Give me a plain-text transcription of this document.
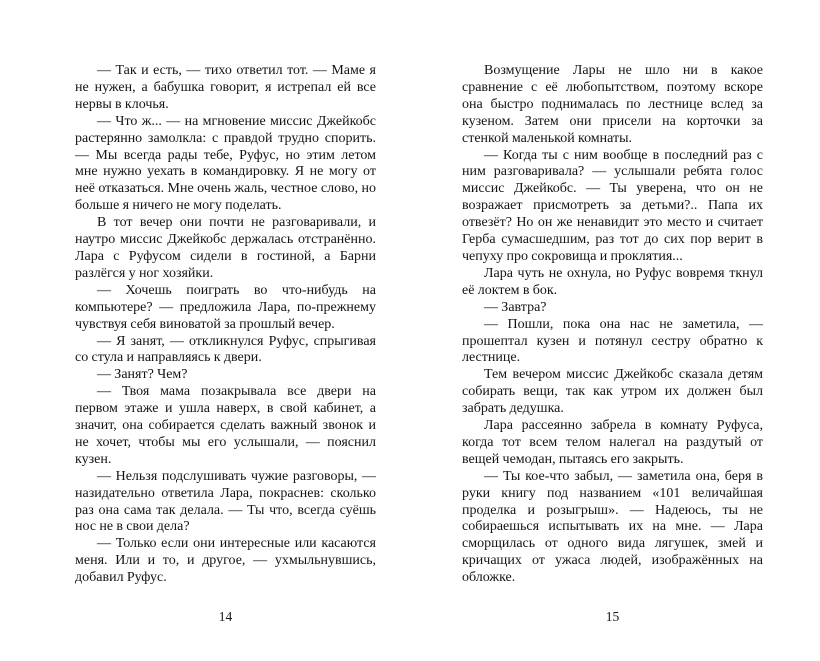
— Так и есть, — тихо ответил тот. — Маме я не нужен, а бабушка говорит, я истрепал ей все нервы в клочья.

— Что ж... — на мгновение миссис Джейкобс растерянно замолкла: с правдой трудно спорить. — Мы всегда рады тебе, Руфус, но этим летом мне нужно уехать в командировку. Я не могу от неё отказаться. Мне очень жаль, честное слово, но больше я ничего не могу поделать.

В тот вечер они почти не разговаривали, и наутро миссис Джейкобс держалась отстранённо. Лара с Руфусом сидели в гостиной, а Барни разлёгся у ног хозяйки.

— Хочешь поиграть во что-нибудь на компьютере? — предложила Лара, по-прежнему чувствуя себя виноватой за прошлый вечер.

— Я занят, — откликнулся Руфус, спрыгивая со стула и направляясь к двери.

— Занят? Чем?

— Твоя мама позакрывала все двери на первом этаже и ушла наверх, в свой кабинет, а значит, она собирается сделать важный звонок и не хочет, чтобы мы его услышали, — пояснил кузен.

— Нельзя подслушивать чужие разговоры, — назидательно ответила Лара, покраснев: сколько раз она сама так делала. — Ты что, всегда суёшь нос не в свои дела?

— Только если они интересные или касаются меня. Или и то, и другое, — ухмыльнувшись, добавил Руфус.

14

Возмущение Лары не шло ни в какое сравнение с её любопытством, поэтому вскоре она быстро поднималась по лестнице вслед за кузеном. Затем они присели на корточки за стенкой маленькой комнаты.

— Когда ты с ним вообще в последний раз с ним разговаривала? — услышали ребята голос миссис Джейкобс. — Ты уверена, что он не возражает присмотреть за детьми?.. Папа их отвезёт? Но он же ненавидит это место и считает Герба сумасшедшим, раз тот до сих пор верит в чепуху про сокровища и проклятия...

Лара чуть не охнула, но Руфус вовремя ткнул её локтем в бок.

— Завтра?

— Пошли, пока она нас не заметила, — прошептал кузен и потянул сестру обратно к лестнице.

Тем вечером миссис Джейкобс сказала детям собирать вещи, так как утром их должен был забрать дедушка.

Лара рассеянно забрела в комнату Руфуса, когда тот всем телом налегал на раздутый от вещей чемодан, пытаясь его закрыть.

— Ты кое-что забыл, — заметила она, беря в руки книгу под названием «101 величайшая проделка и розыгрыш». — Надеюсь, ты не собираешься испытывать их на мне. — Лара сморщилась от одного вида лягушек, змей и кричащих от ужаса людей, изображённых на обложке.

15
